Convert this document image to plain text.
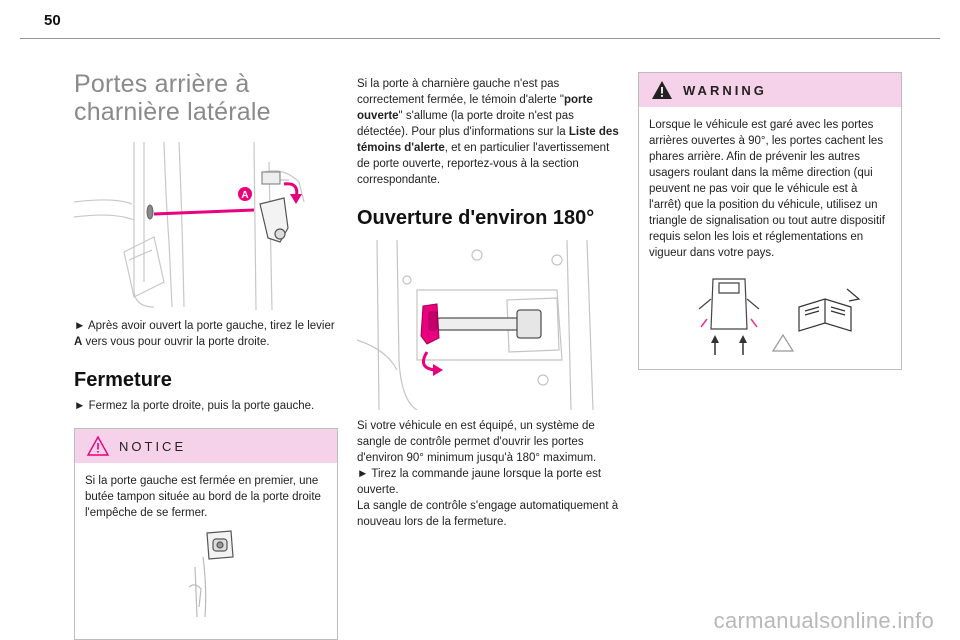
50
Portes arrière à charnière latérale
A

► Après avoir ouvert la porte gauche, tirez le levier A vers vous pour ouvrir la porte droite.

Fermeture

► Fermez la porte droite, puis la porte gauche.

NOTICE

Si la porte gauche est fermée en premier, une butée tampon située au bord de la porte droite l'empêche de se fermer.

Si la porte à charnière gauche n'est pas correctement fermée, le témoin d'alerte "porte ouverte" s'allume (la porte droite n'est pas détectée). Pour plus d'informations sur la Liste des témoins d'alerte, et en particulier l'avertissement de porte ouverte, reportez-vous à la section correspondante.

Ouverture d'environ 180°

Si votre véhicule en est équipé, un système de sangle de contrôle permet d'ouvrir les portes d'environ 90° minimum jusqu'à 180° maximum.

► Tirez la commande jaune lorsque la porte est ouverte.

La sangle de contrôle s'engage automatiquement à nouveau lors de la fermeture.

WARNING

Lorsque le véhicule est garé avec les portes arrières ouvertes à 90°, les portes cachent les phares arrière. Afin de prévenir les autres usagers roulant dans la même direction (qui peuvent ne pas voir que le véhicule est à l'arrêt) que la position du véhicule, utilisez un triangle de signalisation ou tout autre dispositif requis selon les lois et réglementations en vigueur dans votre pays.

carmanualsonline.info
